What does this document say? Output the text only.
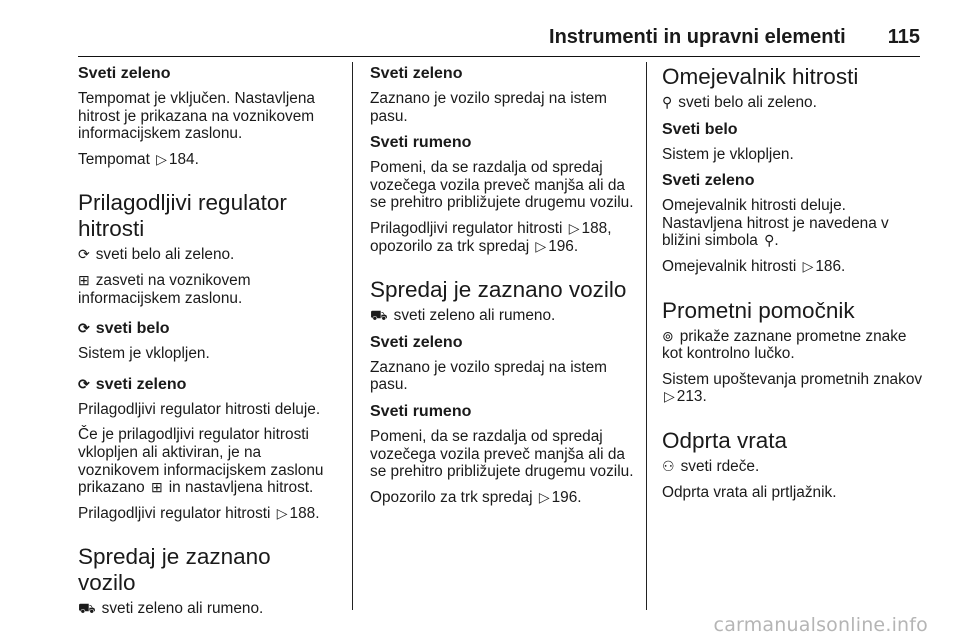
Instrumenti in upravni elementi 115
Sveti zeleno
Tempomat je vključen. Nastavljena hitrost je prikazana na voznikovem informacijskem zaslonu.
Tempomat ▷ 184.
Prilagodljivi regulator hitrosti
⟳ sveti belo ali zeleno.
⊞ zasveti na voznikovem informacijskem zaslonu.
⟳ sveti belo
Sistem je vklopljen.
⟳ sveti zeleno
Prilagodljivi regulator hitrosti deluje.
Če je prilagodljivi regulator hitrosti vklopljen ali aktiviran, je na voznikovem informacijskem zaslonu prikazano ⊞ in nastavljena hitrost.
Prilagodljivi regulator hitrosti ▷ 188.
Spredaj je zaznano vozilo
⛟ sveti zeleno ali rumeno.
Sveti zeleno
Zaznano je vozilo spredaj na istem pasu.
Sveti rumeno
Pomeni, da se razdalja od spredaj vozečega vozila preveč manjša ali da se prehitro približujete drugemu vozilu.
Prilagodljivi regulator hitrosti ▷ 188, opozorilo za trk spredaj ▷ 196.
Spredaj je zaznano vozilo
⛟ sveti zeleno ali rumeno.
Sveti zeleno
Zaznano je vozilo spredaj na istem pasu.
Sveti rumeno
Pomeni, da se razdalja od spredaj vozečega vozila preveč manjša ali da se prehitro približujete drugemu vozilu.
Opozorilo za trk spredaj ▷ 196.
Omejevalnik hitrosti
⚲ sveti belo ali zeleno.
Sveti belo
Sistem je vklopljen.
Sveti zeleno
Omejevalnik hitrosti deluje. Nastavljena hitrost je navedena v bližini simbola ⚲.
Omejevalnik hitrosti ▷ 186.
Prometni pomočnik
⊚ prikaže zaznane prometne znake kot kontrolno lučko.
Sistem upoštevanja prometnih znakov ▷ 213.
Odprta vrata
⚇ sveti rdeče.
Odprta vrata ali prtljažnik.
carmanualsonline.info
